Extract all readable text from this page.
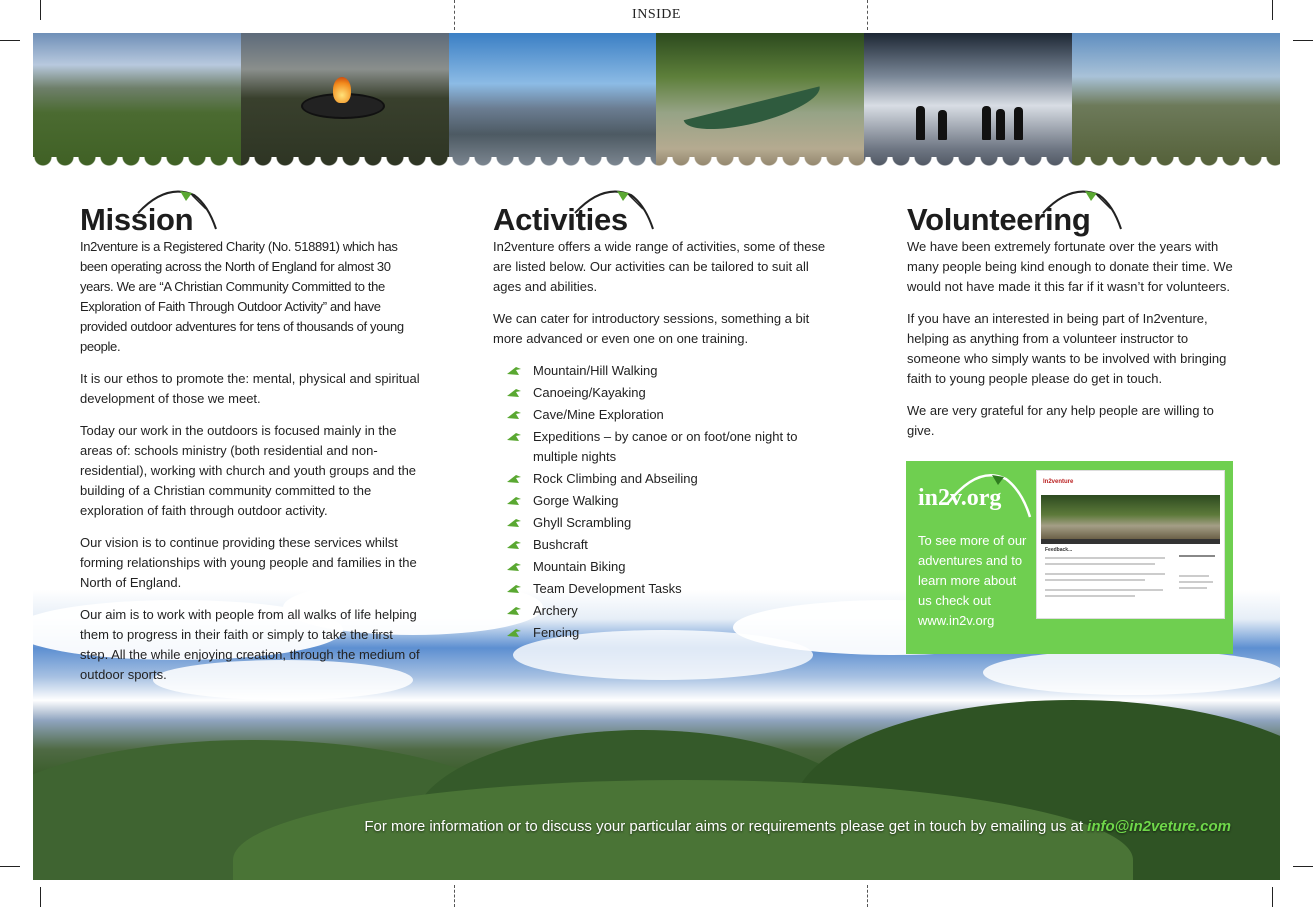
INSIDE
Mission

In2venture is a Registered Charity (No. 518891) which has been operating across the North of England for almost 30 years. We are “A Christian Community Committed to the Exploration of Faith Through Outdoor Activity” and have provided outdoor adventures for tens of thousands of young people.

It is our ethos to promote the: mental, physical and spiritual development of those we meet.

Today our work in the outdoors is focused mainly in the areas of: schools ministry (both residential and non-residential), working with church and youth groups and the building of a Christian community committed to the exploration of faith through outdoor activity.

Our vision is to continue providing these services whilst forming relationships with young people and families in the North of England.

Our aim is to work with people from all walks of life helping them to progress in their faith or simply to take the first step. All the while enjoying creation, through the medium of outdoor sports.

Activities

In2venture offers a wide range of activities, some of these are listed below. Our activities can be tailored to suit all ages and abilities.

We can cater for introductory sessions, something a bit more advanced or even one on one training.

Mountain/Hill Walking
Canoeing/Kayaking
Cave/Mine Exploration
Expeditions – by canoe or on foot/one night to multiple nights
Rock Climbing and Abseiling
Gorge Walking
Ghyll Scrambling
Bushcraft
Mountain Biking
Team Development Tasks
Archery
Fencing
Volunteering

We have been extremely fortunate over the years with many people being kind enough to donate their time. We would not have made it this far if it wasn’t for volunteers.

If you have an interested in being part of In2venture, helping as anything from a volunteer instructor to someone who simply wants to be involved with bringing faith to young people please do get in touch.

We are very grateful for any help people are willing to give.

in2v.org
To see more of our adventures and to learn more about us check out www.in2v.org
In2venture
Feedback...
For more information or to discuss your particular aims or requirements please get in touch by emailing us at info@in2veture.com
